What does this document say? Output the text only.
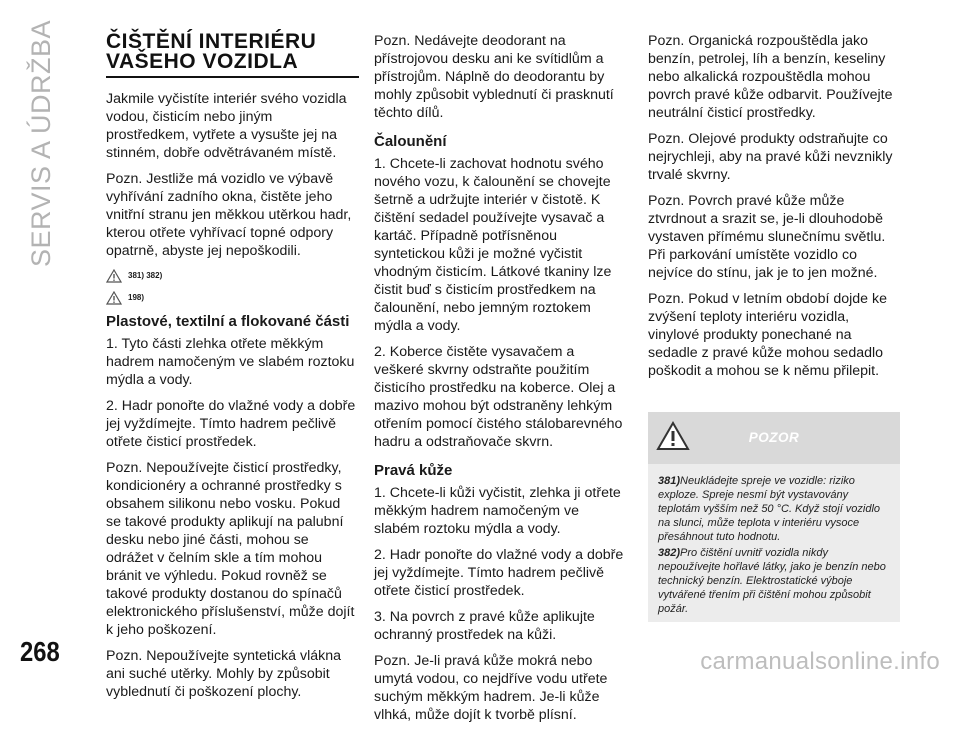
SERVIS A ÚDRŽBA ČIŠTĚNÍ INTERIÉRU
VAŠEHO VOZIDLA

Jakmile vyčistíte interiér svého vozidla vodou, čisticím nebo jiným prostředkem, vytřete a vysušte jej na stinném, dobře odvětrávaném místě.

Pozn. Jestliže má vozidlo ve výbavě vyhřívání zadního okna, čistěte jeho vnitřní stranu jen měkkou utěrkou hadr, kterou otřete vyhřívací topné odpory opatrně, abyste jej nepoškodili.

381) 382)
198)
Plastové, textilní a flokované části

1. Tyto části zlehka otřete měkkým hadrem namočeným ve slabém roztoku mýdla a vody.

2. Hadr ponořte do vlažné vody a dobře jej vyždímejte. Tímto hadrem pečlivě otřete čisticí prostředek.

Pozn. Nepoužívejte čisticí prostředky, kondicionéry a ochranné prostředky s obsahem silikonu nebo vosku. Pokud se takové produkty aplikují na palubní desku nebo jiné části, mohou se odrážet v čelním skle a tím mohou bránit ve výhledu. Pokud rovněž se takové produkty dostanou do spínačů elektronického příslušenství, může dojít k jeho poškození.

Pozn. Nepoužívejte syntetická vlákna ani suché utěrky. Mohly by způsobit vyblednutí či poškození plochy.

Pozn. Nedávejte deodorant na přístrojovou desku ani ke svítidlům a přístrojům. Náplně do deodorantu by mohly způsobit vyblednutí či prasknutí těchto dílů.

Čalounění

1. Chcete-li zachovat hodnotu svého nového vozu, k čalounění se chovejte šetrně a udržujte interiér v čistotě. K čištění sedadel používejte vysavač a kartáč. Případně potřísněnou syntetickou kůži je možné vyčistit vhodným čisticím. Látkové tkaniny lze čistit buď s čisticím prostředkem na čalounění, nebo jemným roztokem mýdla a vody.

2. Koberce čistěte vysavačem a veškeré skvrny odstraňte použitím čisticího prostředku na koberce. Olej a mazivo mohou být odstraněny lehkým otřením pomocí čistého stálobarevného hadru a odstraňovače skvrn.

Pravá kůže

1. Chcete-li kůži vyčistit, zlehka ji otřete měkkým hadrem namočeným ve slabém roztoku mýdla a vody.

2. Hadr ponořte do vlažné vody a dobře jej vyždímejte. Tímto hadrem pečlivě otřete čisticí prostředek.

3. Na povrch z pravé kůže aplikujte ochranný prostředek na kůži.

Pozn. Je-li pravá kůže mokrá nebo umytá vodou, co nejdříve vodu utřete suchým měkkým hadrem. Je-li kůže vlhká, může dojít k tvorbě plísní.

Pozn. Organická rozpouštědla jako benzín, petrolej, líh a benzín, keseliny nebo alkalická rozpouštědla mohou povrch pravé kůže odbarvit. Používejte neutrální čisticí prostředky.

Pozn. Olejové produkty odstraňujte co nejrychleji, aby na pravé kůži nevznikly trvalé skvrny.

Pozn. Povrch pravé kůže může ztvrdnout a srazit se, je-li dlouhodobě vystaven přímému slunečnímu světlu. Při parkování umístěte vozidlo co nejvíce do stínu, jak je to jen možné.

Pozn. Pokud v letním období dojde ke zvýšení teploty interiéru vozidla, vinylové produkty ponechané na sedadle z pravé kůže mohou sedadlo poškodit a mohou se k němu přilepit.

POZOR

381)Neukládejte spreje ve vozidle: riziko exploze. Spreje nesmí být vystavovány teplotám vyšším než 50 °C. Když stojí vozidlo na slunci, může teplota v interiéru vysoce přesáhnout tuto hodnotu.

382)Pro čištění uvnitř vozidla nikdy nepoužívejte hořlavé látky, jako je benzín nebo technický benzín. Elektrostatické výboje vytvářené třením při čištění mohou způsobit požár.

268	carmanualsonline.info
